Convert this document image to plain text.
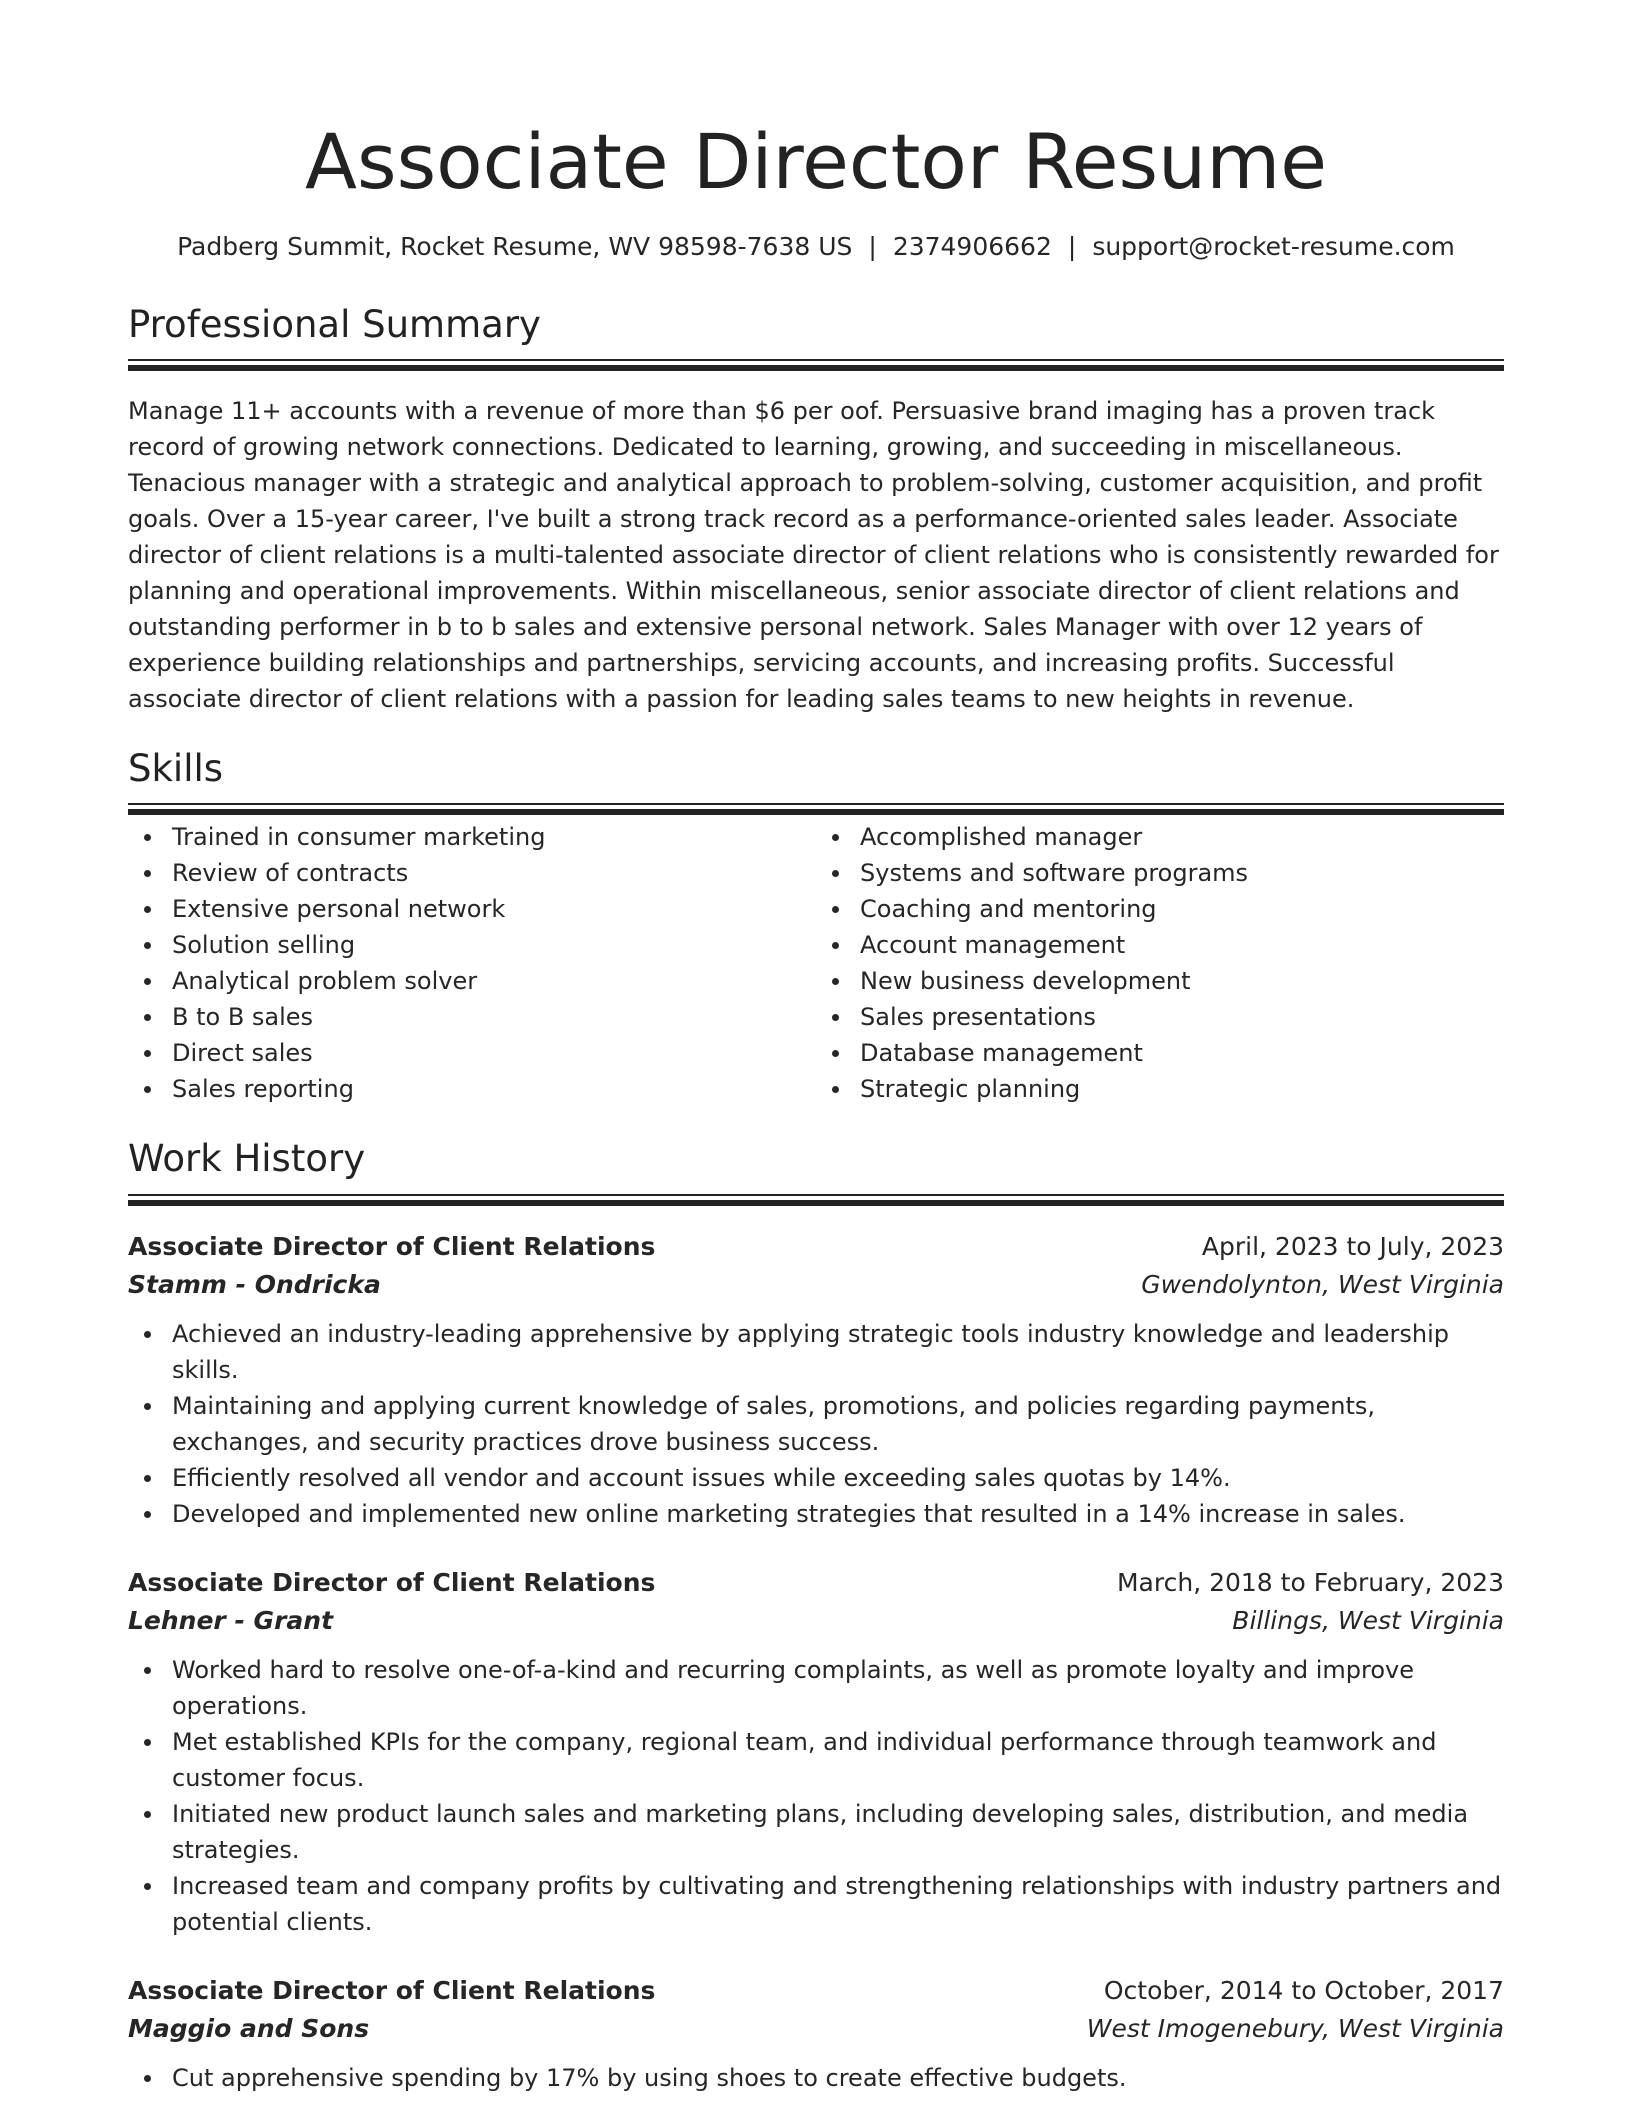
Associate Director Resume
Padberg Summit, Rocket Resume, WV 98598-7638 US | 2374906662 | support@rocket-resume.com
Professional Summary
Manage 11+ accounts with a revenue of more than $6 per oof. Persuasive brand imaging has a proven track record of growing network connections. Dedicated to learning, growing, and succeeding in miscellaneous. Tenacious manager with a strategic and analytical approach to problem-solving, customer acquisition, and profit goals. Over a 15-year career, I've built a strong track record as a performance-oriented sales leader. Associate director of client relations is a multi-talented associate director of client relations who is consistently rewarded for planning and operational improvements. Within miscellaneous, senior associate director of client relations and outstanding performer in b to b sales and extensive personal network. Sales Manager with over 12 years of experience building relationships and partnerships, servicing accounts, and increasing profits. Successful associate director of client relations with a passion for leading sales teams to new heights in revenue.
Skills
Trained in consumer marketing
Review of contracts
Extensive personal network
Solution selling
Analytical problem solver
B to B sales
Direct sales
Sales reporting
Accomplished manager
Systems and software programs
Coaching and mentoring
Account management
New business development
Sales presentations
Database management
Strategic planning
Work History
Associate Director of Client Relations	April, 2023 to July, 2023
Stamm - Ondricka	Gwendolynton, West Virginia
Achieved an industry-leading apprehensive by applying strategic tools industry knowledge and leadership skills.
Maintaining and applying current knowledge of sales, promotions, and policies regarding payments, exchanges, and security practices drove business success.
Efficiently resolved all vendor and account issues while exceeding sales quotas by 14%.
Developed and implemented new online marketing strategies that resulted in a 14% increase in sales.
Associate Director of Client Relations	March, 2018 to February, 2023
Lehner - Grant	Billings, West Virginia
Worked hard to resolve one-of-a-kind and recurring complaints, as well as promote loyalty and improve operations.
Met established KPIs for the company, regional team, and individual performance through teamwork and customer focus.
Initiated new product launch sales and marketing plans, including developing sales, distribution, and media strategies.
Increased team and company profits by cultivating and strengthening relationships with industry partners and potential clients.
Associate Director of Client Relations	October, 2014 to October, 2017
Maggio and Sons	West Imogenebury, West Virginia
Cut apprehensive spending by 17% by using shoes to create effective budgets.
